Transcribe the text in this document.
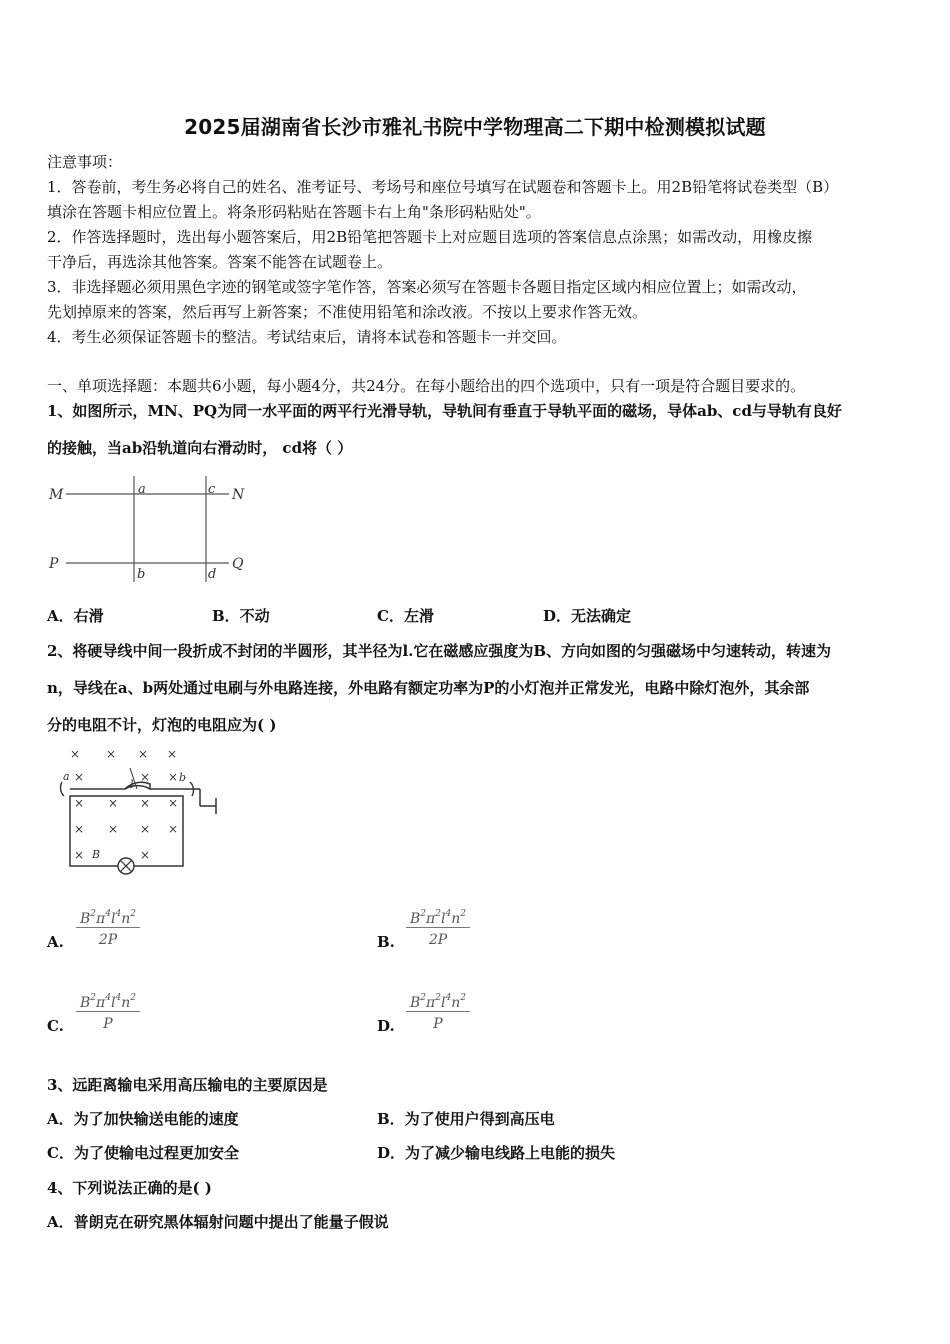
2025届湖南省长沙市雅礼书院中学物理高二下期中检测模拟试题
注意事项：
1．答卷前，考生务必将自己的姓名、准考证号、考场号和座位号填写在试题卷和答题卡上。用2B铅笔将试卷类型（B）
填涂在答题卡相应位置上。将条形码粘贴在答题卡右上角"条形码粘贴处"。
2．作答选择题时，选出每小题答案后，用2B铅笔把答题卡上对应题目选项的答案信息点涂黑；如需改动，用橡皮擦
干净后，再选涂其他答案。答案不能答在试题卷上。
3．非选择题必须用黑色字迹的钢笔或签字笔作答，答案必须写在答题卡各题目指定区域内相应位置上；如需改动，
先划掉原来的答案，然后再写上新答案；不准使用铅笔和涂改液。不按以上要求作答无效。
4．考生必须保证答题卡的整洁。考试结束后，请将本试卷和答题卡一并交回。
一、单项选择题：本题共6小题，每小题4分，共24分。在每小题给出的四个选项中，只有一项是符合题目要求的。
1、如图所示，MN、PQ为同一水平面的两平行光滑导轨，导轨间有垂直于导轨平面的磁场，导体ab、cd与导轨有良好
的接触，当ab沿轨道向右滑动时， cd将（ ）
M	a	c N
P
b	d
Q
A．右滑	B．不动	C．左滑	D．无法确定
2、将硬导线中间一段折成不封闭的半圆形，其半径为l.它在磁感应强度为B、方向如图的匀强磁场中匀速转动，转速为
n，导线在a、b两处通过电刷与外电路连接，外电路有额定功率为P的小灯泡并正常发光，电路中除灯泡外，其余部
分的电阻不计，灯泡的电阻应为( )
× × × ×
×	× ×
× × × ×
× × × ×
×	×
a
l
b
B
A. $\frac{B^2\pi^4l^4n^2}{2P}$	B. $\frac{B^2\pi^2l^4n^2}{2P}$
C. $\frac{B^2\pi^4l^4n^2}{P}$	D. $\frac{B^2\pi^2l^4n^2}{P}$
3、远距离输电采用高压输电的主要原因是
A．为了加快输送电能的速度	B．为了使用户得到高压电
C．为了使输电过程更加安全	D．为了减少输电线路上电能的损失
4、下列说法正确的是( )
A．普朗克在研究黑体辐射问题中提出了能量子假说
